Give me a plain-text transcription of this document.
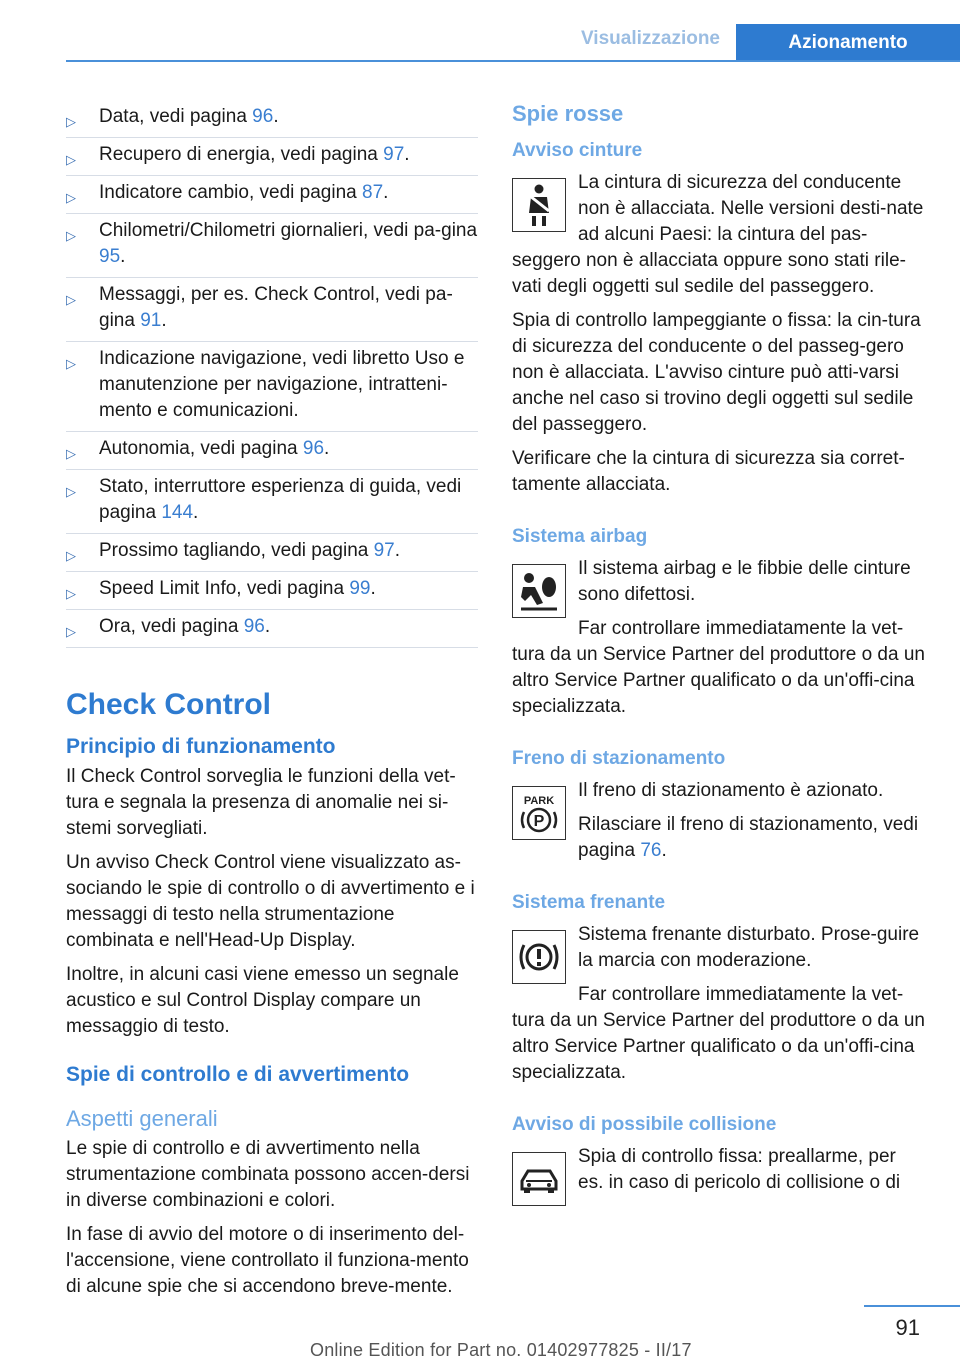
Visualizzazione	Azionamento
▷ Data, vedi pagina 96.
▷ Recupero di energia, vedi pagina 97.
▷ Indicatore cambio, vedi pagina 87.
▷ Chilometri/Chilometri giornalieri, vedi pa-gina 95.
▷ Messaggi, per es. Check Control, vedi pa-gina 91.
▷ Indicazione navigazione, vedi libretto Uso e manutenzione per navigazione, intratteni-mento e comunicazioni.
▷ Autonomia, vedi pagina 96.
▷ Stato, interruttore esperienza di guida, vedi pagina 144.
▷ Prossimo tagliando, vedi pagina 97.
▷ Speed Limit Info, vedi pagina 99.
▷ Ora, vedi pagina 96.
Check Control
Principio di funzionamento

Il Check Control sorveglia le funzioni della vet-tura e segnala la presenza di anomalie nei si-stemi sorvegliati.

Un avviso Check Control viene visualizzato as-sociando le spie di controllo o di avvertimento e i messaggi di testo nella strumentazione combinata e nell'Head-Up Display.

Inoltre, in alcuni casi viene emesso un segnale acustico e sul Control Display compare un messaggio di testo.

Spie di controllo e di avvertimento
Aspetti generali

Le spie di controllo e di avvertimento nella strumentazione combinata possono accen-dersi in diverse combinazioni e colori.

In fase di avvio del motore o di inserimento del-l'accensione, viene controllato il funziona-mento di alcune spie che si accendono breve-mente.

Spie rosse
Avviso cinture

La cintura di sicurezza del conducente non è allacciata. Nelle versioni desti-nate ad alcuni Paesi: la cintura del pas-seggero non è allacciata oppure sono stati rile-vati degli oggetti sul sedile del passeggero.

Spia di controllo lampeggiante o fissa: la cin-tura di sicurezza del conducente o del passeg-gero non è allacciata. L'avviso cinture può atti-varsi anche nel caso si trovino degli oggetti sul sedile del passeggero.

Verificare che la cintura di sicurezza sia corret-tamente allacciata.

Sistema airbag

Il sistema airbag e le fibbie delle cinture sono difettosi.

Far controllare immediatamente la vet-tura da un Service Partner del produttore o da un altro Service Partner qualificato o da un'offi-cina specializzata.

Freno di stazionamento
PARK
P

Il freno di stazionamento è azionato.

Rilasciare il freno di stazionamento, vedi pagina 76.

Sistema frenante

Sistema frenante disturbato. Prose-guire la marcia con moderazione.

Far controllare immediatamente la vet-tura da un Service Partner del produttore o da un altro Service Partner qualificato o da un'offi-cina specializzata.

Avviso di possibile collisione

Spia di controllo fissa: preallarme, per es. in caso di pericolo di collisione o di

91
Online Edition for Part no. 01402977825 - II/17
